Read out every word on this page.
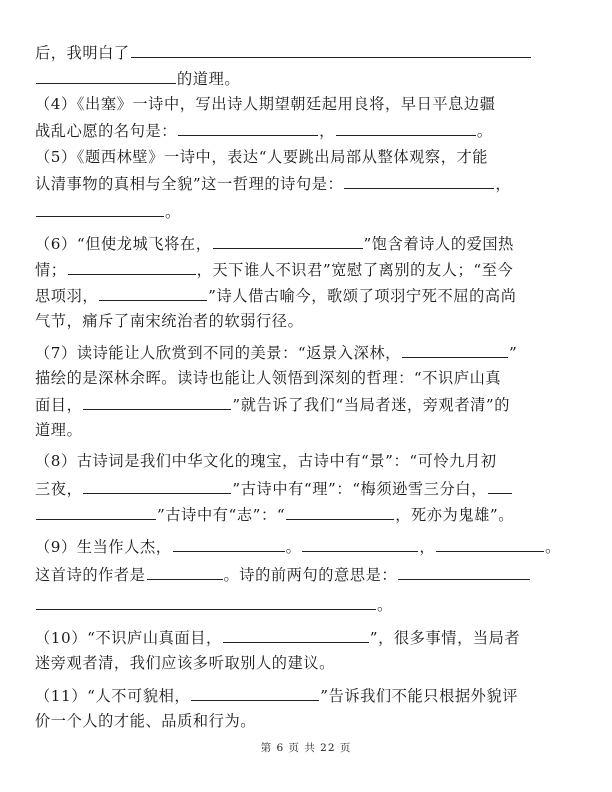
后，我明白了
的道理。
（4）《出塞》一诗中，写出诗人期望朝廷起用良将，早日平息边疆
战乱心愿的名句是：	，	。
（5）《题西林壁》一诗中，表达“人要跳出局部从整体观察，才能
认清事物的真相与全貌”这一哲理的诗句是：	，
。
（6）“但使龙城飞将在，	”饱含着诗人的爱国热
情；	，天下谁人不识君”宽慰了离别的友人；“至今
思项羽，	”诗人借古喻今，歌颂了项羽宁死不屈的高尚
气节，痛斥了南宋统治者的软弱行径。
（7）读诗能让人欣赏到不同的美景：“返景入深林，	”
描绘的是深林余晖。读诗也能让人领悟到深刻的哲理：“不识庐山真
面目，	”就告诉了我们“当局者迷，旁观者清”的
道理。
（8）古诗词是我们中华文化的瑰宝，古诗中有“景”：“可怜九月初
三夜，	”古诗中有“理”：“梅须逊雪三分白，
”古诗中有“志”：“	，死亦为鬼雄”。
（9）生当作人杰，	。	，	。
这首诗的作者是	。诗的前两句的意思是：
。
（10）“不识庐山真面目，	”，很多事情，当局者
迷旁观者清，我们应该多听取别人的建议。
（11）“人不可貌相，	”告诉我们不能只根据外貌评
价一个人的才能、品质和行为。
第 6 页 共 22 页
